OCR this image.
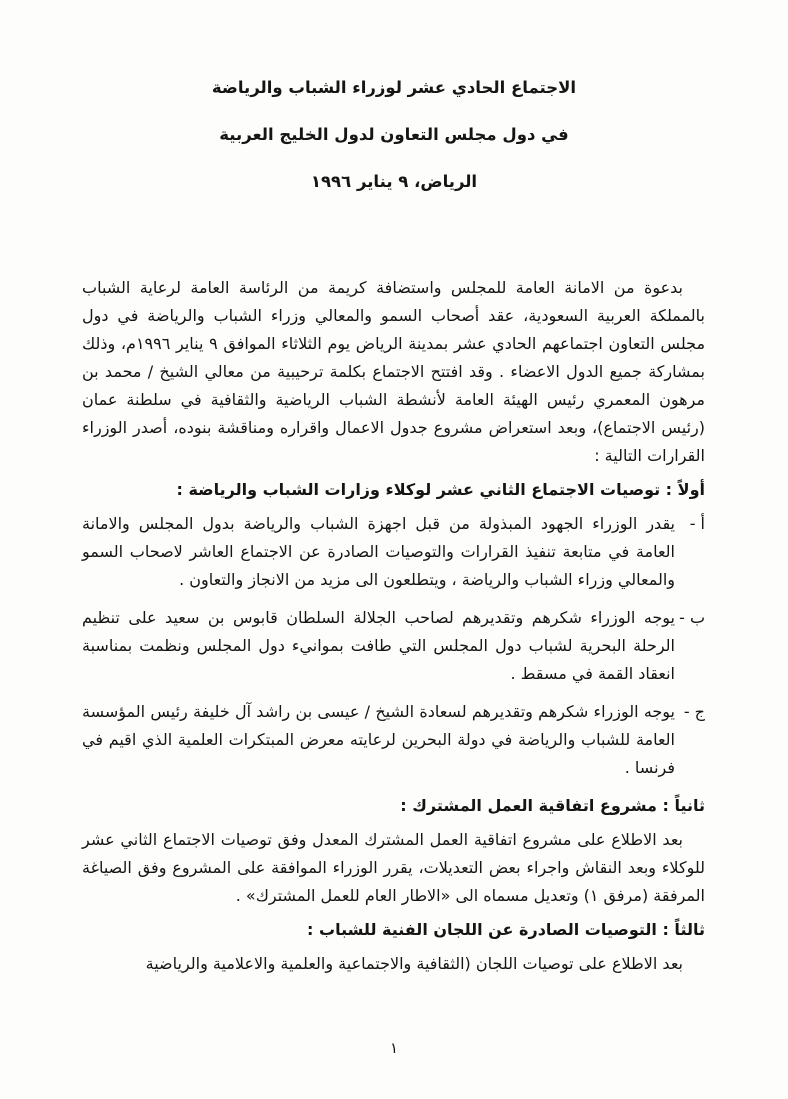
الاجتماع الحادي عشر لوزراء الشباب والرياضة
في دول مجلس التعاون لدول الخليج العربية
الرياض، ٩ يناير ١٩٩٦

بدعوة من الامانة العامة للمجلس واستضافة كريمة من الرئاسة العامة لرعاية الشباب بالمملكة العربية السعودية، عقد أصحاب السمو والمعالي وزراء الشباب والرياضة في دول مجلس التعاون اجتماعهم الحادي عشر بمدينة الرياض يوم الثلاثاء الموافق ٩ يناير ١٩٩٦م، وذلك بمشاركة جميع الدول الاعضاء . وقد افتتح الاجتماع بكلمة ترحيبية من معالي الشيخ / محمد بن مرهون المعمري رئيس الهيئة العامة لأنشطة الشباب الرياضية والثقافية في سلطنة عمان (رئيس الاجتماع)، وبعد استعراض مشروع جدول الاعمال واقراره ومناقشة بنوده، أصدر الوزراء القرارات التالية :

أولاً : توصيات الاجتماع الثاني عشر لوكلاء وزارات الشباب والرياضة :
أ -
يقدر الوزراء الجهود المبذولة من قبل اجهزة الشباب والرياضة بدول المجلس والامانة العامة في متابعة تنفيذ القرارات والتوصيات الصادرة عن الاجتماع العاشر لاصحاب السمو والمعالي وزراء الشباب والرياضة ، ويتطلعون الى مزيد من الانجاز والتعاون .
ب -
يوجه الوزراء شكرهم وتقديرهم لصاحب الجلالة السلطان قابوس بن سعيد على تنظيم الرحلة البحرية لشباب دول المجلس التي طافت بموانيء دول المجلس ونظمت بمناسبة انعقاد القمة في مسقط .
ج -
يوجه الوزراء شكرهم وتقديرهم لسعادة الشيخ / عيسى بن راشد آل خليفة رئيس المؤسسة العامة للشباب والرياضة في دولة البحرين لرعايته معرض المبتكرات العلمية الذي اقيم في فرنسا .
ثانياً : مشروع اتفاقية العمل المشترك :

بعد الاطلاع على مشروع اتفاقية العمل المشترك المعدل وفق توصيات الاجتماع الثاني عشر للوكلاء وبعد النقاش واجراء بعض التعديلات، يقرر الوزراء الموافقة على المشروع وفق الصياغة المرفقة (مرفق ١) وتعديل مسماه الى «الاطار العام للعمل المشترك» .

ثالثاً : التوصيات الصادرة عن اللجان الفنية للشباب :

بعد الاطلاع على توصيات اللجان (الثقافية والاجتماعية والعلمية والاعلامية والرياضية

١
